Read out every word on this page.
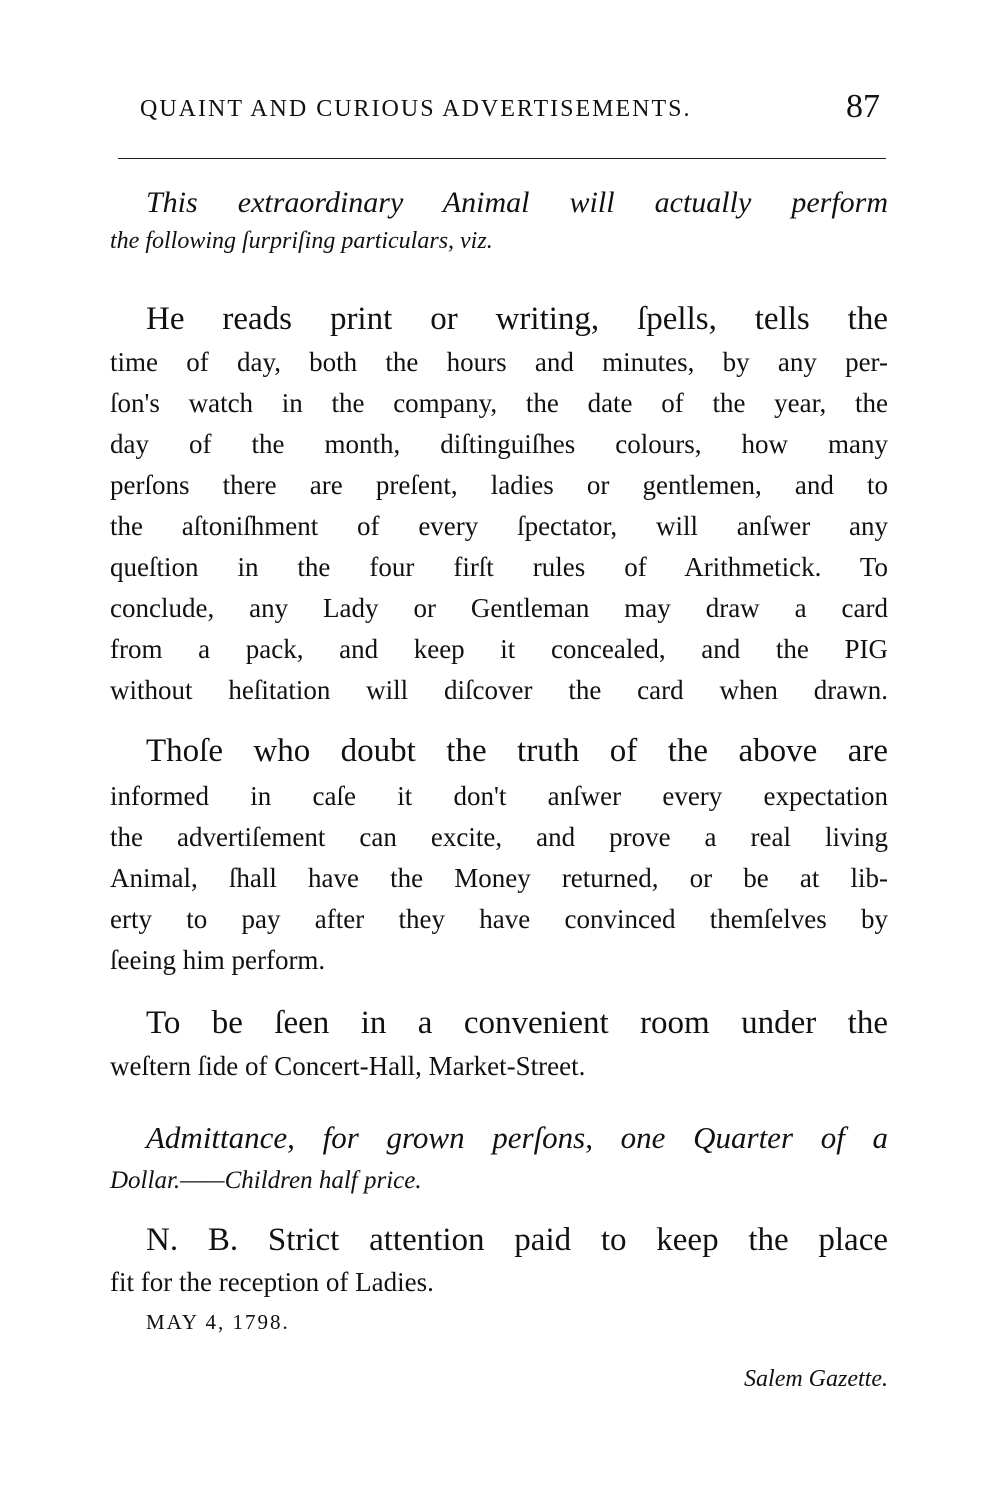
QUAINT AND CURIOUS ADVERTISEMENTS.	87
This extraordinary Animal will actually perform
the following ſurpriſing particulars, viz.
He reads print or writing, ſpells, tells the
time of day, both the hours and minutes, by any per-
ſon's watch in the company, the date of the year, the
day of the month, diſtinguiſhes colours, how many
perſons there are preſent, ladies or gentlemen, and to
the aſtoniſhment of every ſpectator, will anſwer any
queſtion in the four firſt rules of Arithmetick. To
conclude, any Lady or Gentleman may draw a card
from a pack, and keep it concealed, and the PIG
without heſitation will diſcover the card when drawn.
Thoſe who doubt the truth of the above are
informed in caſe it don't anſwer every expectation
the advertiſement can excite, and prove a real living
Animal, ſhall have the Money returned, or be at lib-
erty to pay after they have convinced themſelves by
ſeeing him perform.
To be ſeen in a convenient room under the
weſtern ſide of Concert-Hall, Market-Street.
Admittance, for grown perſons, one Quarter of a
Dollar.——Children half price.
N. B. Strict attention paid to keep the place
fit for the reception of Ladies.
MAY 4, 1798.
Salem Gazette.
